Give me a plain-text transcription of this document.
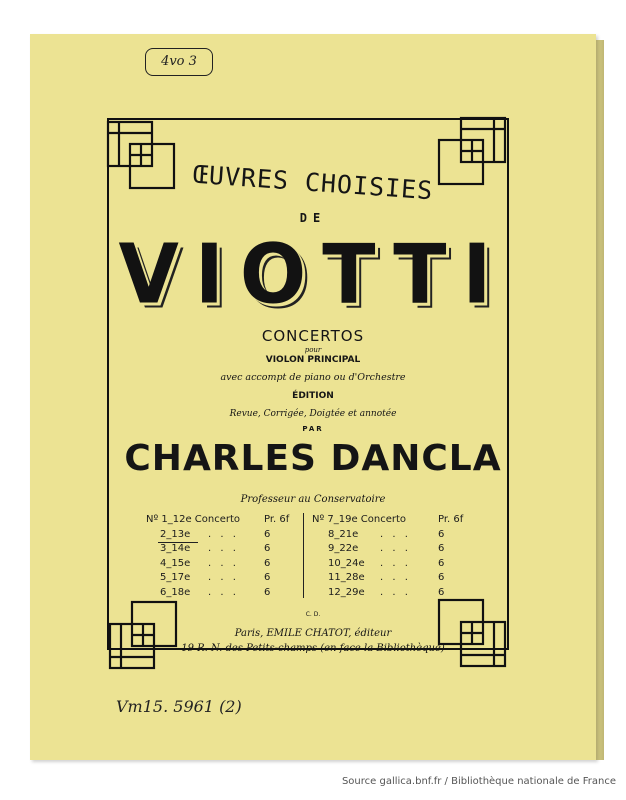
4vo 3
ŒUVRES CHOISIES
DE
VIOTTI
CONCERTOS
pour
VIOLON PRINCIPAL
avec accompt de piano ou d'Orchestre
ÉDITION
Revue, Corrigée, Doigtée et annotée
PAR
CHARLES DANCLA
Professeur au Conservatoire
Nº 1_12e Concerto Pr. 6f
2_13e . . .	6
3_14e . . .	6
4_15e . . .	6
5_17e . . .	6
6_18e . . .	6
Nº 7_19e Concerto	Pr. 6f
8_21e . . .	6
9_22e . . .	6
10_24e . . .	6
11_28e . . .	6
12_29e . . .	6
C. D.
Paris, EMILE CHATOT, éditeur
19 R. N. des Petits-champs (en face la Bibliothèque)
Vm15. 5961 (2)
Source gallica.bnf.fr / Bibliothèque nationale de France
